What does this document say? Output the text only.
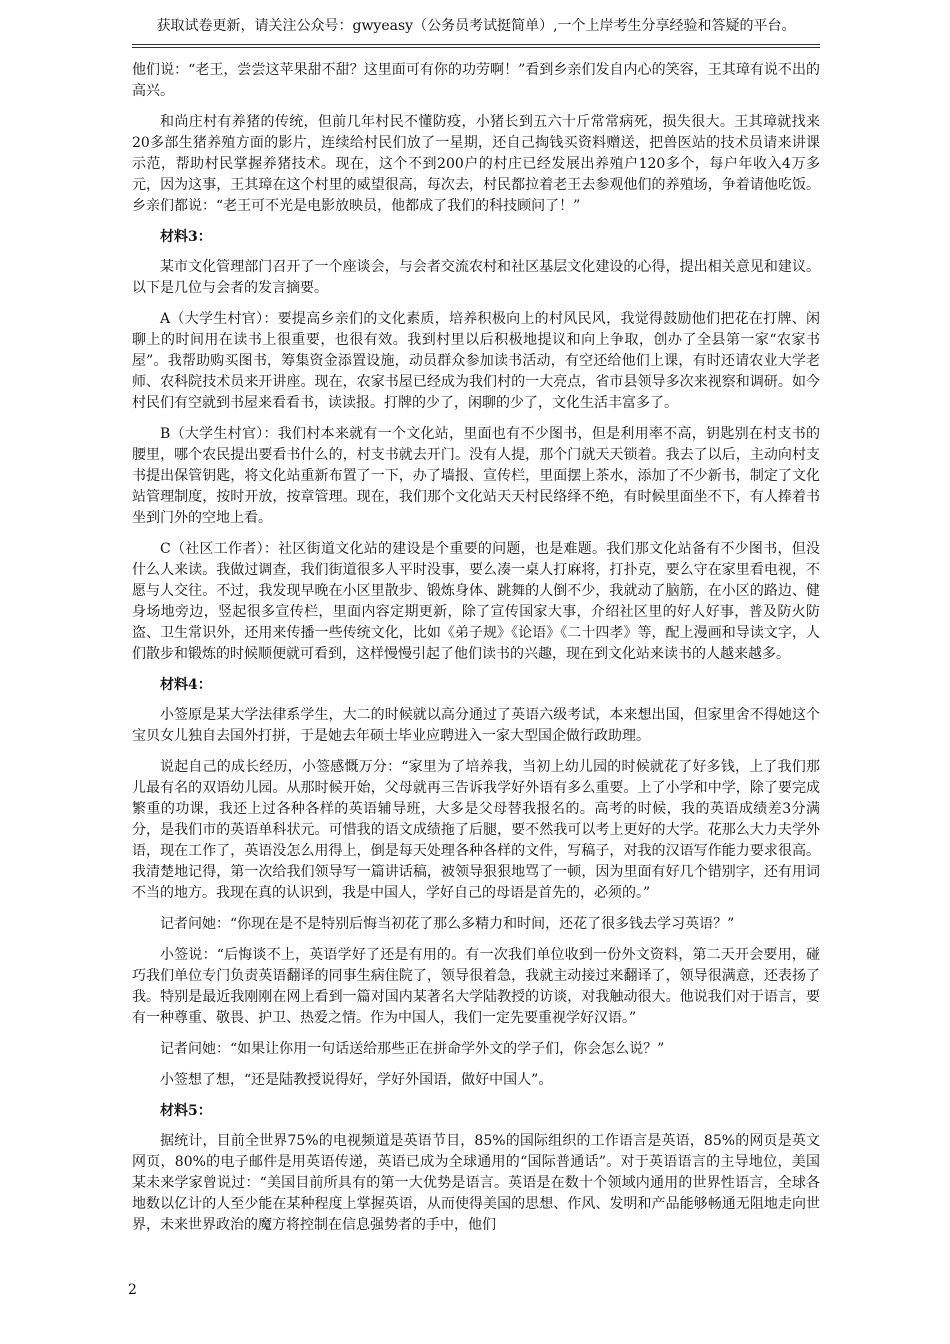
获取试卷更新，请关注公众号：gwyeasy（公务员考试挺简单）,一个上岸考生分享经验和答疑的平台。

他们说：“老王，尝尝这苹果甜不甜？这里面可有你的功劳啊！”看到乡亲们发自内心的笑容，王其璋有说不出的高兴。

和尚庄村有养猪的传统，但前几年村民不懂防疫，小猪长到五六十斤常常病死，损失很大。王其璋就找来20多部生猪养殖方面的影片，连续给村民们放了一星期，还自己掏钱买资料赠送，把兽医站的技术员请来讲课示范，帮助村民掌握养猪技术。现在，这个不到200户的村庄已经发展出养殖户120多个，每户年收入4万多元，因为这事，王其璋在这个村里的威望很高，每次去，村民都拉着老王去参观他们的养殖场，争着请他吃饭。乡亲们都说：“老王可不光是电影放映员，他都成了我们的科技顾问了！”

材料3：

某市文化管理部门召开了一个座谈会，与会者交流农村和社区基层文化建设的心得，提出相关意见和建议。以下是几位与会者的发言摘要。

A（大学生村官）：要提高乡亲们的文化素质，培养积极向上的村风民风，我觉得鼓励他们把花在打牌、闲聊上的时间用在读书上很重要，也很有效。我到村里以后积极地提议和向上争取，创办了全县第一家“农家书屋”。我帮助购买图书，筹集资金添置设施，动员群众参加读书活动，有空还给他们上课，有时还请农业大学老师、农科院技术员来开讲座。现在，农家书屋已经成为我们村的一大亮点，省市县领导多次来视察和调研。如今村民们有空就到书屋来看看书，读读报。打牌的少了，闲聊的少了，文化生活丰富多了。

B（大学生村官）：我们村本来就有一个文化站，里面也有不少图书，但是利用率不高，钥匙别在村支书的腰里，哪个农民提出要看书什么的，村支书就去开门。没有人提，那个门就天天锁着。我去了以后，主动向村支书提出保管钥匙，将文化站重新布置了一下，办了墙报、宣传栏，里面摆上茶水，添加了不少新书，制定了文化站管理制度，按时开放，按章管理。现在，我们那个文化站天天村民络绎不绝，有时候里面坐不下，有人捧着书坐到门外的空地上看。

C（社区工作者）：社区街道文化站的建设是个重要的问题，也是难题。我们那文化站备有不少图书，但没什么人来读。我做过调查，我们街道很多人平时没事，要么凑一桌人打麻将，打扑克，要么守在家里看电视，不愿与人交往。不过，我发现早晚在小区里散步、锻炼身体、跳舞的人倒不少，我就动了脑筋，在小区的路边、健身场地旁边，竖起很多宣传栏，里面内容定期更新，除了宣传国家大事，介绍社区里的好人好事，普及防火防盗、卫生常识外，还用来传播一些传统文化，比如《弟子规》《论语》《二十四孝》等，配上漫画和导读文字，人们散步和锻炼的时候顺便就可看到，这样慢慢引起了他们读书的兴趣，现在到文化站来读书的人越来越多。

材料4：

小签原是某大学法律系学生，大二的时候就以高分通过了英语六级考试，本来想出国，但家里舍不得她这个宝贝女儿独自去国外打拼，于是她去年硕士毕业应聘进入一家大型国企做行政助理。

说起自己的成长经历，小签感慨万分：“家里为了培养我，当初上幼儿园的时候就花了好多钱，上了我们那儿最有名的双语幼儿园。从那时候开始，父母就再三告诉我学好外语有多么重要。上了小学和中学，除了要完成繁重的功课，我还上过各种各样的英语辅导班，大多是父母替我报名的。高考的时候，我的英语成绩差3分满分，是我们市的英语单科状元。可惜我的语文成绩拖了后腿，要不然我可以考上更好的大学。花那么大力夫学外语，现在工作了，英语没怎么用得上，倒是每天处理各种各样的文件，写稿子，对我的汉语写作能力要求很高。我清楚地记得，第一次给我们领导写一篇讲话稿，被领导狠狠地骂了一顿，因为里面有好几个错别字，还有用词不当的地方。我现在真的认识到，我是中国人，学好自己的母语是首先的，必须的。”

记者问她：“你现在是不是特别后悔当初花了那么多精力和时间，还花了很多钱去学习英语？”

小签说：“后悔谈不上，英语学好了还是有用的。有一次我们单位收到一份外文资料，第二天开会要用，碰巧我们单位专门负责英语翻译的同事生病住院了，领导很着急，我就主动接过来翻译了，领导很满意，还表扬了我。特别是最近我刚刚在网上看到一篇对国内某著名大学陆教授的访谈，对我触动很大。他说我们对于语言，要有一种尊重、敬畏、护卫、热爱之情。作为中国人，我们一定先要重视学好汉语。”

记者问她：“如果让你用一句话送给那些正在拼命学外文的学子们，你会怎么说？”

小签想了想，“还是陆教授说得好，学好外国语，做好中国人”。

材料5：

据统计，目前全世界75%的电视频道是英语节目，85%的国际组织的工作语言是英语，85%的网页是英文网页，80%的电子邮件是用英语传递，英语已成为全球通用的“国际普通话”。对于英语语言的主导地位，美国某未来学家曾说过：“美国目前所具有的第一大优势是语言。英语是在数十个领域内通用的世界性语言，全球各地数以亿计的人至少能在某种程度上掌握英语，从而使得美国的思想、作风、发明和产品能够畅通无阻地走向世界，未来世界政治的魔方将控制在信息强势者的手中，他们

2
